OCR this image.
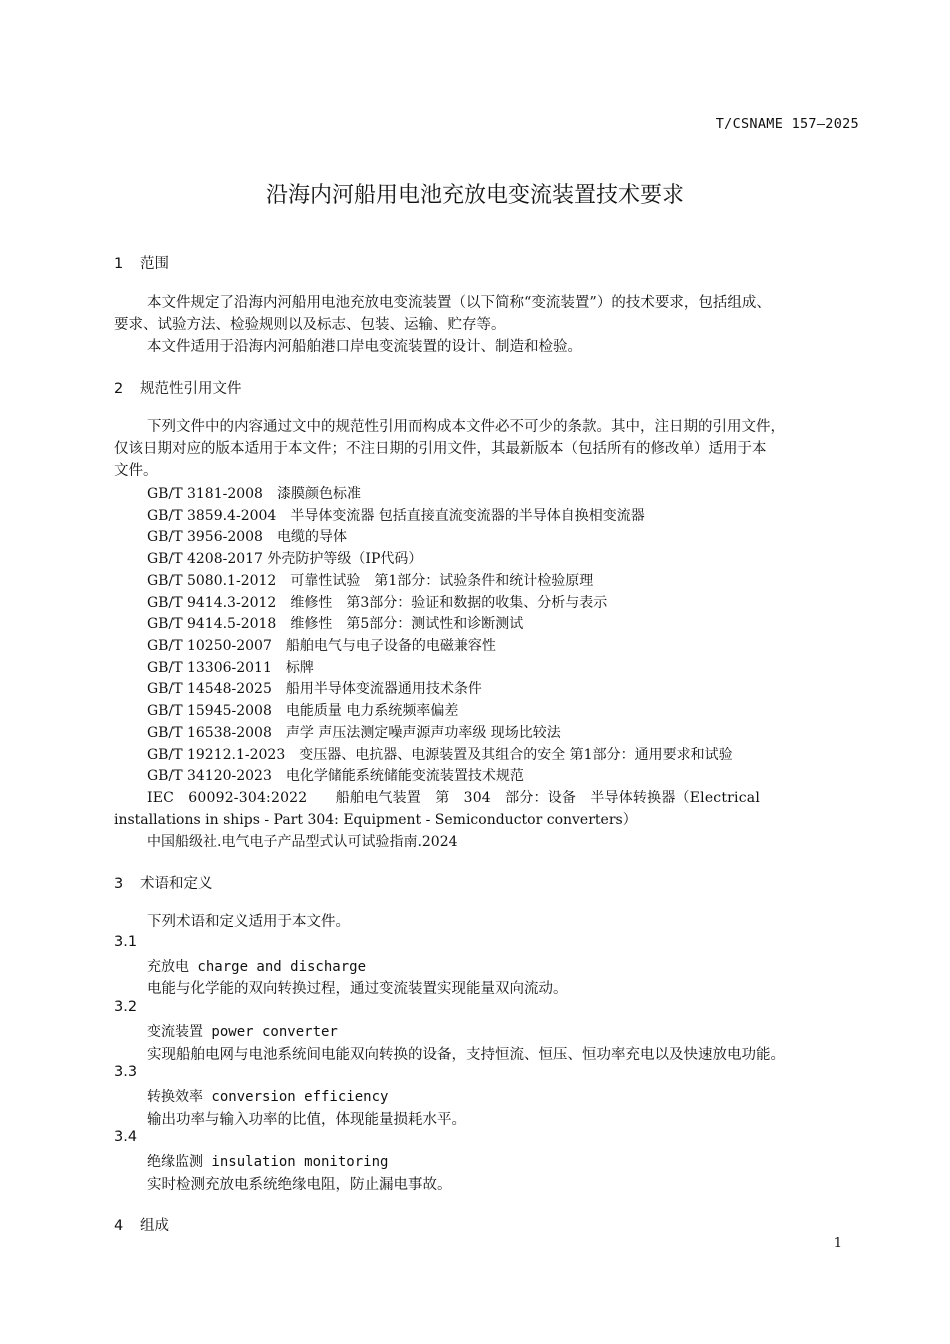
T/CSNAME 157—2025
沿海内河船用电池充放电变流装置技术要求
1 范围
本文件规定了沿海内河船用电池充放电变流装置（以下简称“变流装置”）的技术要求，包括组成、
要求、试验方法、检验规则以及标志、包装、运输、贮存等。
本文件适用于沿海内河船舶港口岸电变流装置的设计、制造和检验。
2 规范性引用文件
下列文件中的内容通过文中的规范性引用而构成本文件必不可少的条款。其中，注日期的引用文件，
仅该日期对应的版本适用于本文件；不注日期的引用文件，其最新版本（包括所有的修改单）适用于本
文件。
GB/T 3181-2008　漆膜颜色标准
GB/T 3859.4-2004　半导体变流器 包括直接直流变流器的半导体自换相变流器
GB/T 3956-2008　电缆的导体
GB/T 4208-2017 外壳防护等级（IP代码）
GB/T 5080.1-2012　可靠性试验　第1部分：试验条件和统计检验原理
GB/T 9414.3-2012　维修性　第3部分：验证和数据的收集、分析与表示
GB/T 9414.5-2018　维修性　第5部分：测试性和诊断测试
GB/T 10250-2007　船舶电气与电子设备的电磁兼容性
GB/T 13306-2011　标牌
GB/T 14548-2025　船用半导体变流器通用技术条件
GB/T 15945-2008　电能质量 电力系统频率偏差
GB/T 16538-2008　声学 声压法测定噪声源声功率级 现场比较法
GB/T 19212.1-2023　变压器、电抗器、电源装置及其组合的安全 第1部分：通用要求和试验
GB/T 34120-2023　电化学储能系统储能变流装置技术规范
IEC　60092-304:2022　　船舶电气装置　第　304　部分：设备　半导体转换器（Electrical
installations in ships - Part 304: Equipment - Semiconductor converters）
中国船级社.电气电子产品型式认可试验指南.2024
3 术语和定义
下列术语和定义适用于本文件。
3.1
充放电 charge and discharge
电能与化学能的双向转换过程，通过变流装置实现能量双向流动。
3.2
变流装置 power converter
实现船舶电网与电池系统间电能双向转换的设备，支持恒流、恒压、恒功率充电以及快速放电功能。
3.3
转换效率 conversion efficiency
输出功率与输入功率的比值，体现能量损耗水平。
3.4
绝缘监测 insulation monitoring
实时检测充放电系统绝缘电阻，防止漏电事故。
4 组成
1
